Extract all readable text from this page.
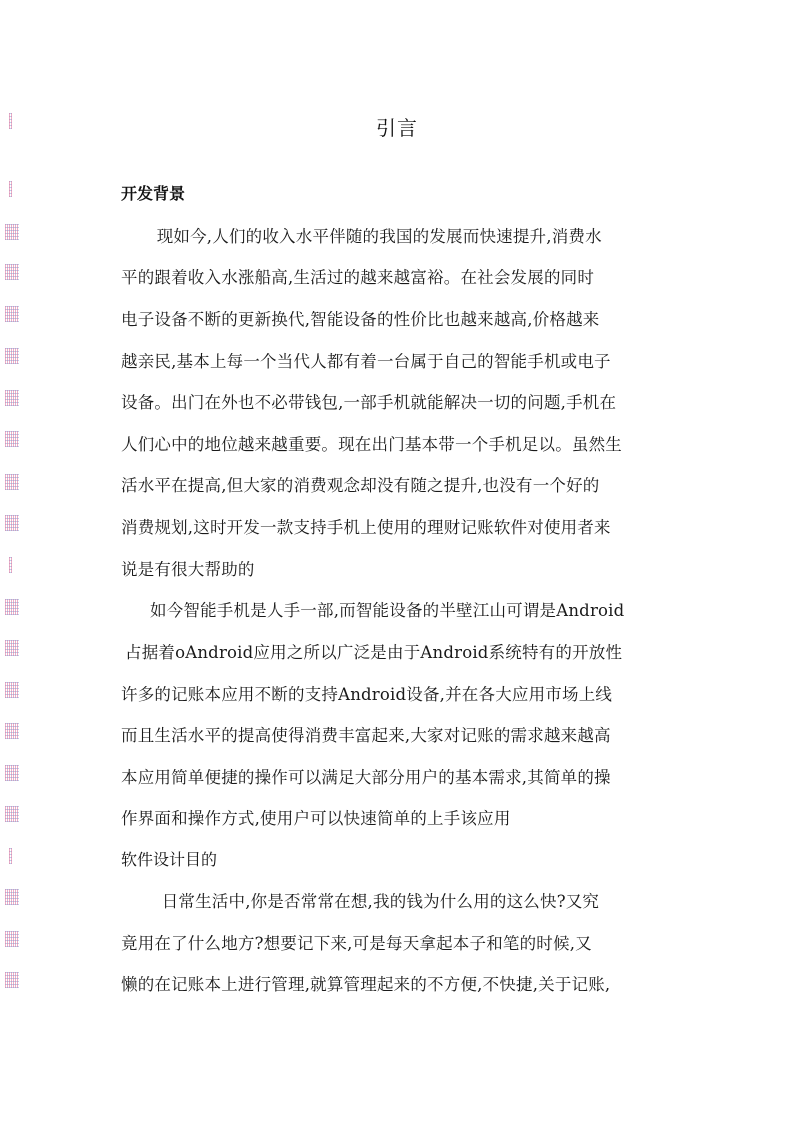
引言
开发背景
　现如今,人们的收入水平伴随的我国的发展而快速提升,消费水
平的跟着收入水涨船高,生活过的越来越富裕。在社会发展的同时
电子设备不断的更新换代,智能设备的性价比也越来越高,价格越来
越亲民,基本上每一个当代人都有着一台属于自己的智能手机或电子
设备。出门在外也不必带钱包,一部手机就能解决一切的问题,手机在
人们心中的地位越来越重要。现在出门基本带一个手机足以。虽然生
活水平在提高,但大家的消费观念却没有随之提升,也没有一个好的
消费规划,这时开发一款支持手机上使用的理财记账软件对使用者来
说是有很大帮助的
如今智能手机是人手一部,而智能设备的半壁江山可谓是Android
占据着oAndroid应用之所以广泛是由于Android系统特有的开放性
许多的记账本应用不断的支持Android设备,并在各大应用市场上线
而且生活水平的提高使得消费丰富起来,大家对记账的需求越来越高
本应用简单便捷的操作可以满足大部分用户的基本需求,其简单的操
作界面和操作方式,使用户可以快速简单的上手该应用
软件设计目的
　日常生活中,你是否常常在想,我的钱为什么用的这么快?又究
竟用在了什么地方?想要记下来,可是每天拿起本子和笔的时候,又
懒的在记账本上进行管理,就算管理起来的不方便,不快捷,关于记账,
